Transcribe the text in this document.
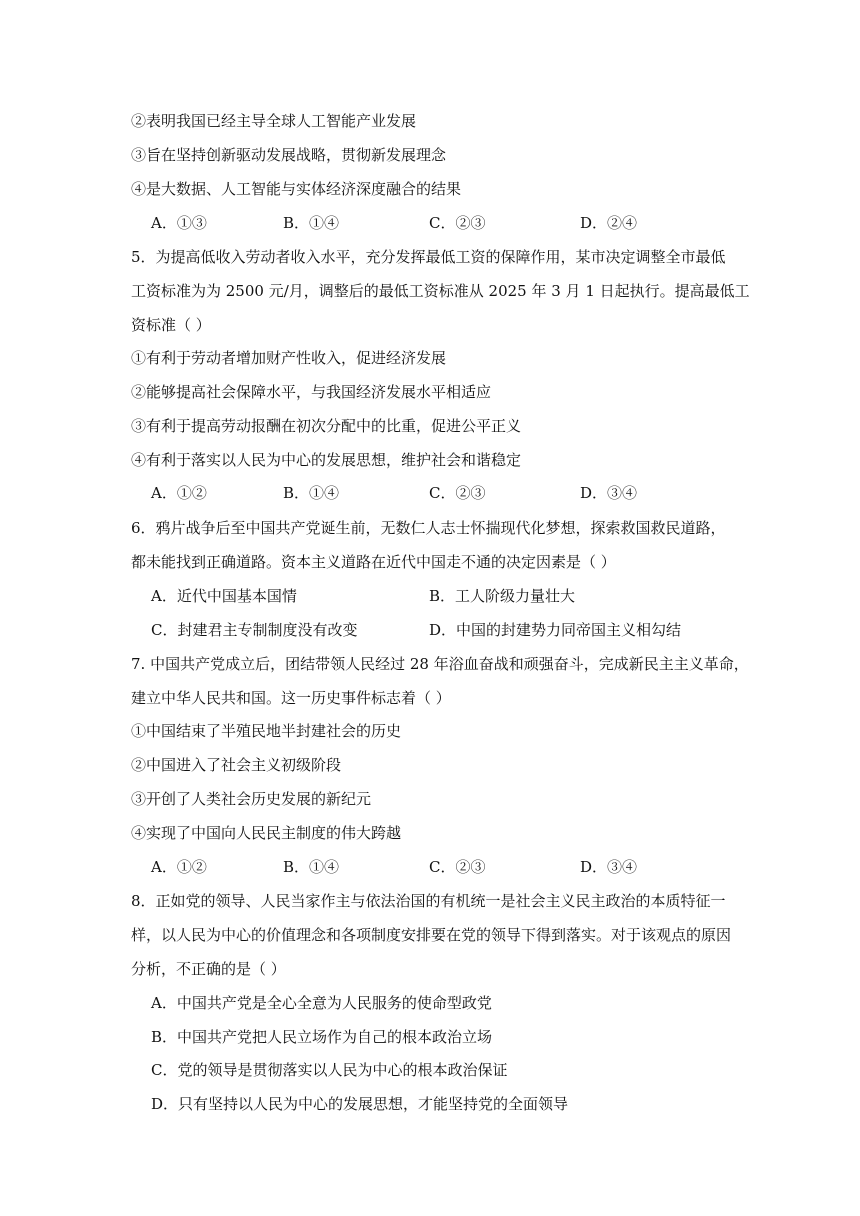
②表明我国已经主导全球人工智能产业发展
③旨在坚持创新驱动发展战略，贯彻新发展理念
④是大数据、人工智能与实体经济深度融合的结果
A．①③	B．①④	C．②③	D．②④
5．为提高低收入劳动者收入水平，充分发挥最低工资的保障作用，某市决定调整全市最低
工资标准为为 2500 元/月，调整后的最低工资标准从 2025 年 3 月 1 日起执行。提高最低工
资标准（ ）
①有利于劳动者增加财产性收入，促进经济发展
②能够提高社会保障水平，与我国经济发展水平相适应
③有利于提高劳动报酬在初次分配中的比重，促进公平正义
④有利于落实以人民为中心的发展思想，维护社会和谐稳定
A．①②	B．①④	C．②③	D．③④
6．鸦片战争后至中国共产党诞生前，无数仁人志士怀揣现代化梦想，探索救国救民道路，
都未能找到正确道路。资本主义道路在近代中国走不通的决定因素是（ ）
A．近代中国基本国情	B．工人阶级力量壮大
C．封建君主专制制度没有改变	D．中国的封建势力同帝国主义相勾结
7. 中国共产党成立后，团结带领人民经过 28 年浴血奋战和顽强奋斗，完成新民主主义革命，
建立中华人民共和国。这一历史事件标志着（ ）
①中国结束了半殖民地半封建社会的历史
②中国进入了社会主义初级阶段
③开创了人类社会历史发展的新纪元
④实现了中国向人民民主制度的伟大跨越
A．①②	B．①④	C．②③	D．③④
8．正如党的领导、人民当家作主与依法治国的有机统一是社会主义民主政治的本质特征一
样，以人民为中心的价值理念和各项制度安排要在党的领导下得到落实。对于该观点的原因
分析，不正确的是（ ）
A．中国共产党是全心全意为人民服务的使命型政党
B．中国共产党把人民立场作为自己的根本政治立场
C．党的领导是贯彻落实以人民为中心的根本政治保证
D．只有坚持以人民为中心的发展思想，才能坚持党的全面领导
